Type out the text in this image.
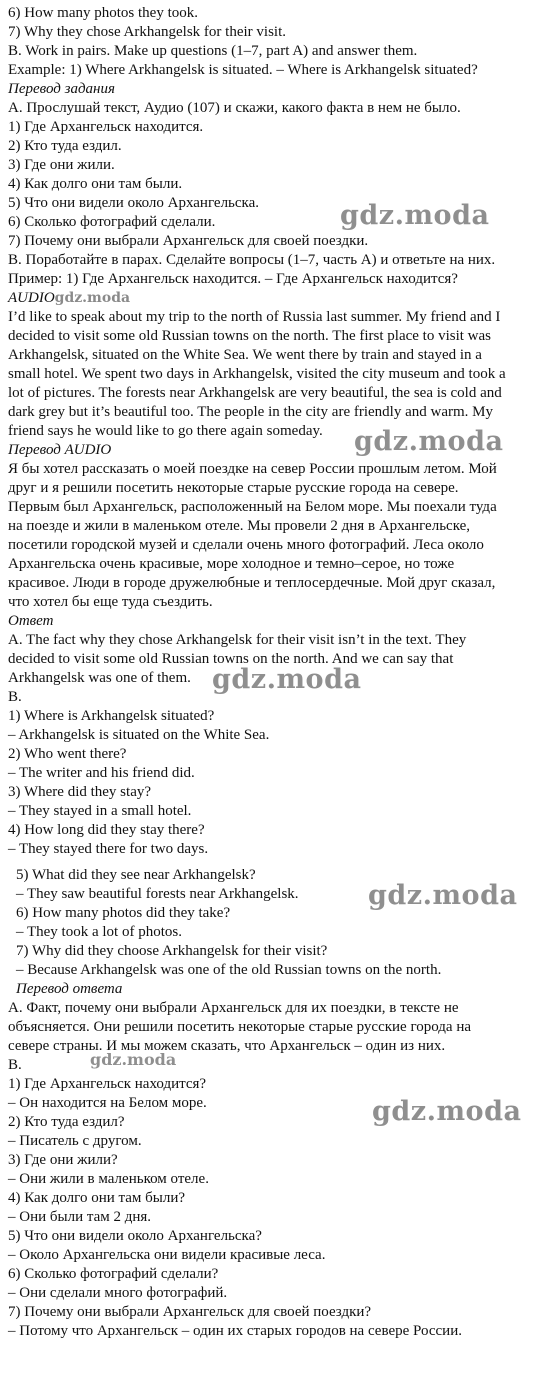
6) How many photos they took.
7) Why they chose Arkhangelsk for their visit.
B. Work in pairs. Make up questions (1–7, part A) and answer them.
Example: 1) Where Arkhangelsk is situated. – Where is Arkhangelsk situated?
Перевод задания
А. Прослушай текст, Аудио (107) и скажи, какого факта в нем не было.
1) Где Архангельск находится.
2) Кто туда ездил.
3) Где они жили.
4) Как долго они там были.
5) Что они видели около Архангельска.
6) Сколько фотографий сделали.
7) Почему они выбрали Архангельск для своей поездки.
В. Поработайте в парах. Сделайте вопросы (1–7, часть А) и ответьте на них.
Пример: 1) Где Архангельск находится. – Где Архангельск находится?
AUDIOgdz.moda
I’d like to speak about my trip to the north of Russia last summer. My friend and I
decided to visit some old Russian towns on the north. The first place to visit was
Arkhangelsk, situated on the White Sea. We went there by train and stayed in a
small hotel. We spent two days in Arkhangelsk, visited the city museum and took a
lot of pictures. The forests near Arkhangelsk are very beautiful, the sea is cold and
dark grey but it’s beautiful too. The people in the city are friendly and warm. My
friend says he would like to go there again someday.
Перевод AUDIO
Я бы хотел рассказать о моей поездке на север России прошлым летом. Мой
друг и я решили посетить некоторые старые русские города на севере.
Первым был Архангельск, расположенный на Белом море. Мы поехали туда
на поезде и жили в маленьком отеле. Мы провели 2 дня в Архангельске,
посетили городской музей и сделали очень много фотографий. Леса около
Архангельска очень красивые, море холодное и темно–серое, но тоже
красивое. Люди в городе дружелюбные и теплосердечные. Мой друг сказал,
что хотел бы еще туда съездить.
Ответ
A. The fact why they chose Arkhangelsk for their visit isn’t in the text. They
decided to visit some old Russian towns on the north. And we can say that
Arkhangelsk was one of them.
B.
1) Where is Arkhangelsk situated?
– Arkhangelsk is situated on the White Sea.
2) Who went there?
– The writer and his friend did.
3) Where did they stay?
– They stayed in a small hotel.
4) How long did they stay there?
– They stayed there for two days.
5) What did they see near Arkhangelsk?
– They saw beautiful forests near Arkhangelsk.
6) How many photos did they take?
– They took a lot of photos.
7) Why did they choose Arkhangelsk for their visit?
– Because Arkhangelsk was one of the old Russian towns on the north.
Перевод ответа
А. Факт, почему они выбрали Архангельск для их поездки, в тексте не
объясняется. Они решили посетить некоторые старые русские города на
севере страны. И мы можем сказать, что Архангельск – один из них.
В.
1) Где Архангельск находится?
– Он находится на Белом море.
2) Кто туда ездил?
– Писатель с другом.
3) Где они жили?
– Они жили в маленьком отеле.
4) Как долго они там были?
– Они были там 2 дня.
5) Что они видели около Архангельска?
– Около Архангельска они видели красивые леса.
6) Сколько фотографий сделали?
– Они сделали много фотографий.
7) Почему они выбрали Архангельск для своей поездки?
– Потому что Архангельск – один их старых городов на севере России.
gdz.moda
gdz.moda
gdz.moda
gdz.moda
gdz.moda
gdz.moda
